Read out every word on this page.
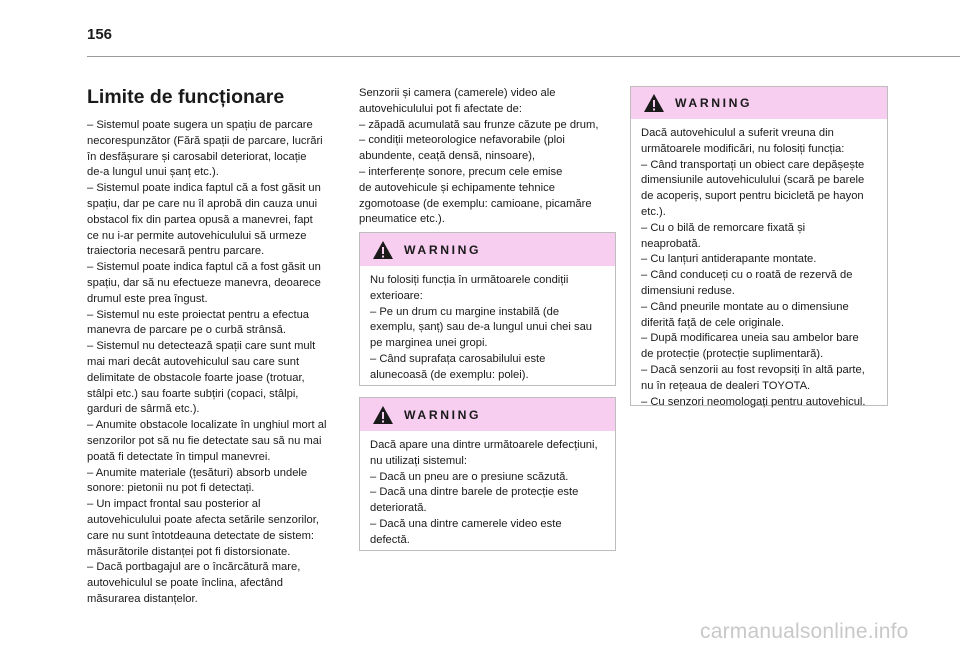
156
Limite de funcționare
– Sistemul poate sugera un spațiu de parcare
necorespunzător (Fără spații de parcare, lucrări
în desfășurare și carosabil deteriorat, locație
de-a lungul unui șanț etc.).
– Sistemul poate indica faptul că a fost găsit un
spațiu, dar pe care nu îl aprobă din cauza unui
obstacol fix din partea opusă a manevrei, fapt
ce nu i-ar permite autovehiculului să urmeze
traiectoria necesară pentru parcare.
– Sistemul poate indica faptul că a fost găsit un
spațiu, dar să nu efectueze manevra, deoarece
drumul este prea îngust.
– Sistemul nu este proiectat pentru a efectua
manevra de parcare pe o curbă strânsă.
– Sistemul nu detectează spații care sunt mult
mai mari decât autovehiculul sau care sunt
delimitate de obstacole foarte joase (trotuar,
stâlpi etc.) sau foarte subțiri (copaci, stâlpi,
garduri de sârmă etc.).
– Anumite obstacole localizate în unghiul mort al
senzorilor pot să nu fie detectate sau să nu mai
poată fi detectate în timpul manevrei.
– Anumite materiale (țesături) absorb undele
sonore: pietonii nu pot fi detectați.
– Un impact frontal sau posterior al
autovehiculului poate afecta setările senzorilor,
care nu sunt întotdeauna detectate de sistem:
măsurătorile distanței pot fi distorsionate.
– Dacă portbagajul are o încărcătură mare,
autovehiculul se poate înclina, afectând
măsurarea distanțelor.
Senzorii și camera (camerele) video ale
autovehiculului pot fi afectate de:
– zăpadă acumulată sau frunze căzute pe drum,
– condiții meteorologice nefavorabile (ploi
abundente, ceață densă, ninsoare),
– interferențe sonore, precum cele emise
de autovehicule și echipamente tehnice
zgomotoase (de exemplu: camioane, picamăre
pneumatice etc.).
WARNING
Nu folosiți funcția în următoarele condiții
exterioare:
– Pe un drum cu margine instabilă (de
exemplu, șanț) sau de-a lungul unui chei sau
pe marginea unei gropi.
– Când suprafața carosabilului este
alunecoasă (de exemplu: polei).
WARNING
Dacă apare una dintre următoarele defecțiuni,
nu utilizați sistemul:
– Dacă un pneu are o presiune scăzută.
– Dacă una dintre barele de protecție este
deteriorată.
– Dacă una dintre camerele video este
defectă.
WARNING
Dacă autovehiculul a suferit vreuna din
următoarele modificări, nu folosiți funcția:
– Când transportați un obiect care depășește
dimensiunile autovehiculului (scară pe barele
de acoperiș, suport pentru bicicletă pe hayon
etc.).
– Cu o bilă de remorcare fixată și
neaprobată.
– Cu lanțuri antiderapante montate.
– Când conduceți cu o roată de rezervă de
dimensiuni reduse.
– Când pneurile montate au o dimensiune
diferită față de cele originale.
– După modificarea uneia sau ambelor bare
de protecție (protecție suplimentară).
– Dacă senzorii au fost revopsiți în altă parte,
nu în rețeaua de dealeri TOYOTA.
– Cu senzori neomologați pentru autovehicul.
carmanualsonline.info
